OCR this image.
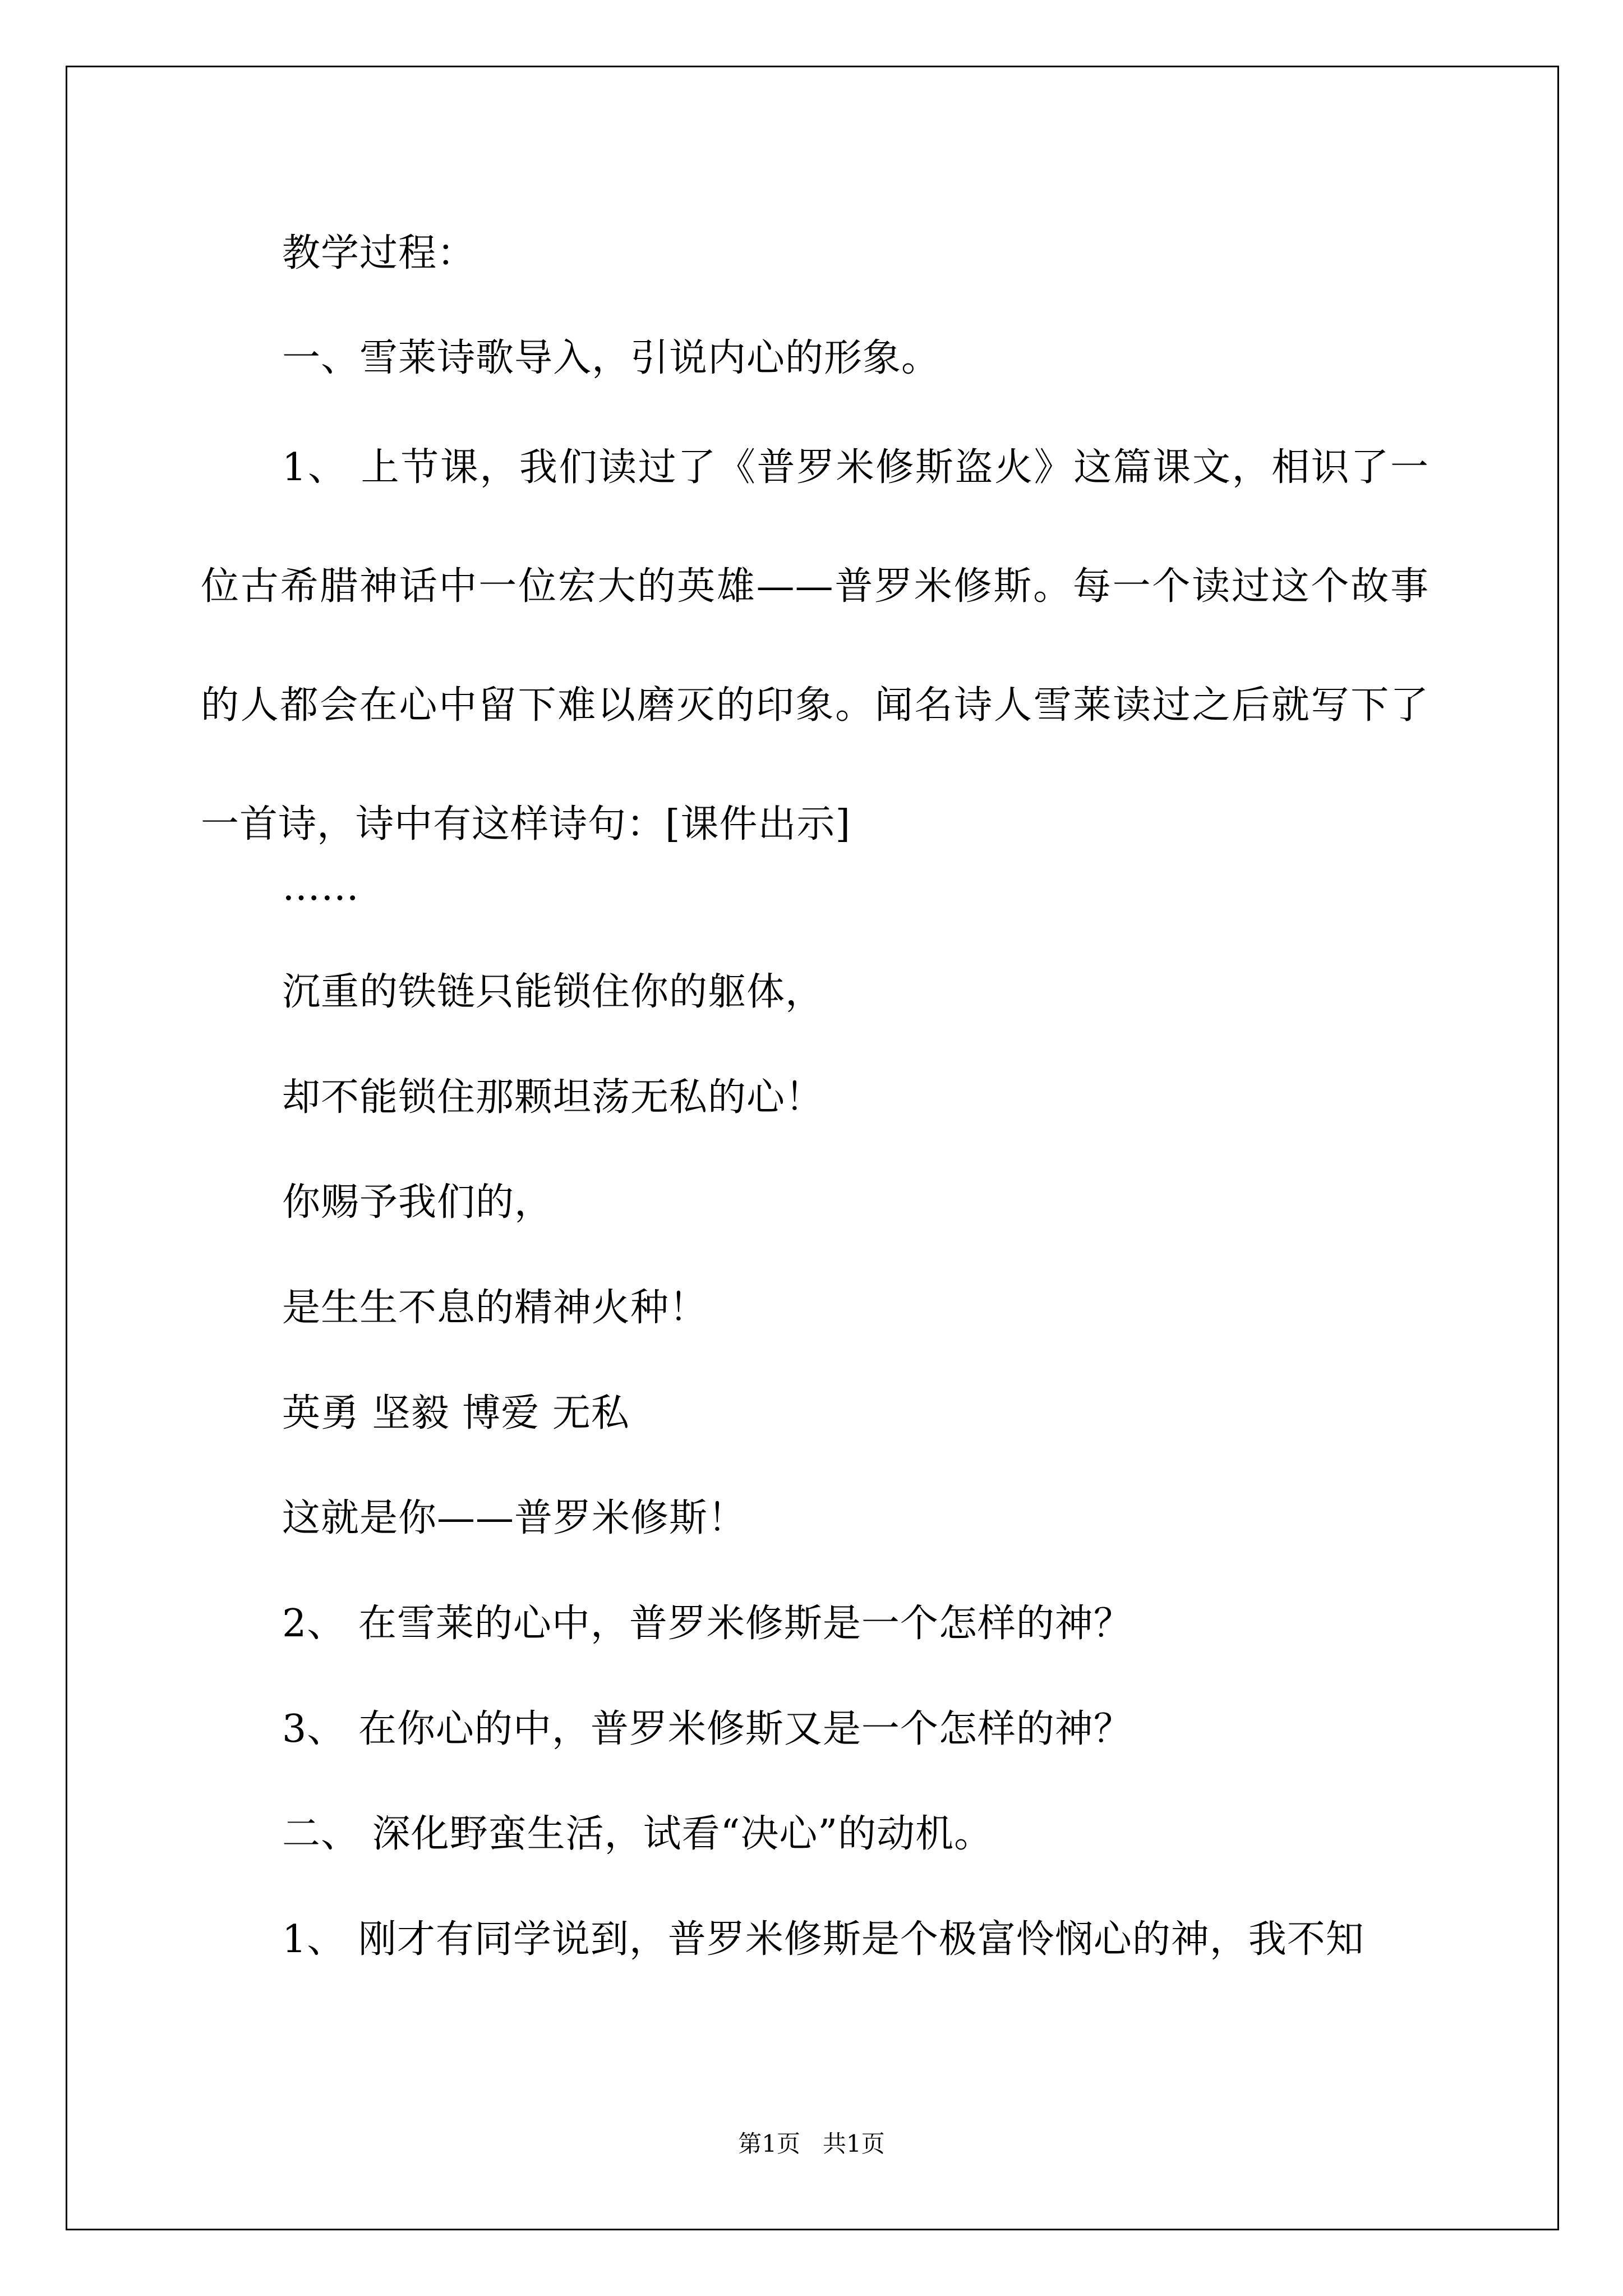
教学过程：
一、雪莱诗歌导入，引说内心的形象。
1、 上节课，我们读过了《普罗米修斯盗火》这篇课文，相识了一位古希腊神话中一位宏大的英雄——普罗米修斯。每一个读过这个故事的人都会在心中留下难以磨灭的印象。闻名诗人雪莱读过之后就写下了一首诗，诗中有这样诗句：[课件出示]
……
沉重的铁链只能锁住你的躯体，
却不能锁住那颗坦荡无私的心！
你赐予我们的，
是生生不息的精神火种！
英勇 坚毅 博爱 无私
这就是你——普罗米修斯！
2、 在雪莱的心中，普罗米修斯是一个怎样的神？
3、 在你心的中，普罗米修斯又是一个怎样的神？
二、 深化野蛮生活，试看“决心”的动机。
1、 刚才有同学说到，普罗米修斯是个极富怜悯心的神，我不知
第1页   共1页
